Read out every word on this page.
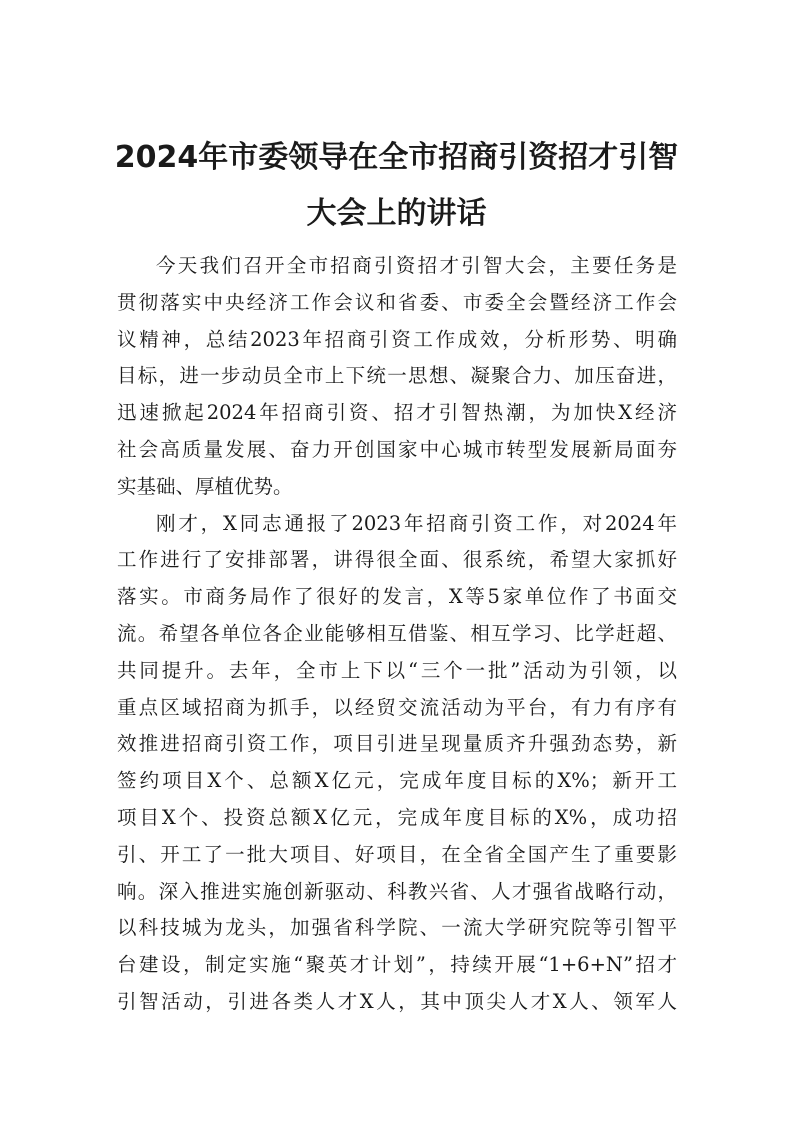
2024年市委领导在全市招商引资招才引智
大会上的讲话
今天我们召开全市招商引资招才引智大会，主要任务是
贯彻落实中央经济工作会议和省委、市委全会暨经济工作会
议精神，总结2023年招商引资工作成效，分析形势、明确
目标，进一步动员全市上下统一思想、凝聚合力、加压奋进，
迅速掀起2024年招商引资、招才引智热潮，为加快X经济
社会高质量发展、奋力开创国家中心城市转型发展新局面夯
实基础、厚植优势。
刚才，X同志通报了2023年招商引资工作，对2024年
工作进行了安排部署，讲得很全面、很系统，希望大家抓好
落实。市商务局作了很好的发言，X等5家单位作了书面交
流。希望各单位各企业能够相互借鉴、相互学习、比学赶超、
共同提升。去年，全市上下以“三个一批”活动为引领，以
重点区域招商为抓手，以经贸交流活动为平台，有力有序有
效推进招商引资工作，项目引进呈现量质齐升强劲态势，新
签约项目X个、总额X亿元，完成年度目标的X%；新开工
项目X个、投资总额X亿元，完成年度目标的X%，成功招
引、开工了一批大项目、好项目，在全省全国产生了重要影
响。深入推进实施创新驱动、科教兴省、人才强省战略行动，
以科技城为龙头，加强省科学院、一流大学研究院等引智平
台建设，制定实施“聚英才计划”，持续开展“1+6+N”招才
引智活动，引进各类人才X人，其中顶尖人才X人、领军人
